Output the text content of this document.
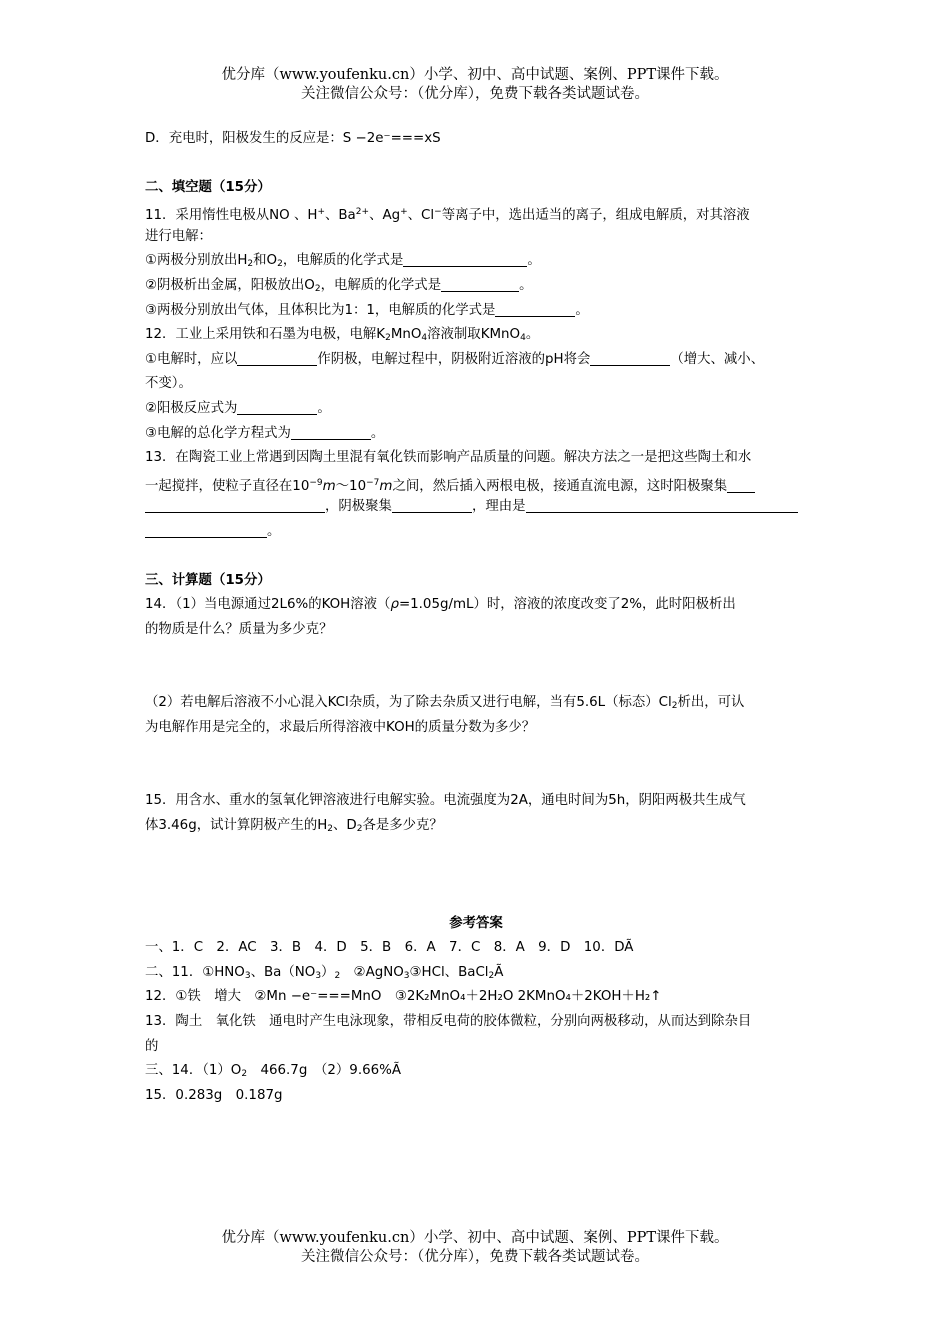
优分库（www.youfenku.cn）小学、初中、高中试题、案例、PPT课件下载。
关注微信公众号：（优分库），免费下载各类试题试卷。
D．充电时，阳极发生的反应是：S −2e⁻===xS
二、填空题（15分）
11．采用惰性电极从NO 、H+、$Ba^{2+}$、Ag+、Cl−等离子中，选出适当的离子，组成电解质，对其溶液
进行电解：
①两极分别放出$H_2$和$O_2$，电解质的化学式是	。
②阴极析出金属，阳极放出$O_2$，电解质的化学式是	。
③两极分别放出气体，且体积比为1：1，电解质的化学式是	。
12．工业上采用铁和石墨为电极，电解$K_2MnO_4$溶液制取KMnO$_4$。
①电解时，应以	作阴极，电解过程中，阴极附近溶液的pH将会	（增大、减小、
不变）。
②阳极反应式为	。
③电解的总化学方程式为	。
13．在陶瓷工业上常遇到因陶土里混有氧化铁而影响产品质量的问题。解决方法之一是把这些陶土和水
一起搅拌，使粒子直径在$10^{-9}m\sim 10^{-7}m$之间，然后插入两根电极，接通直流电源，这时阳极聚集
，阴极聚集	，理由是
。
三、计算题（15分）
14．（1）当电源通过2L6%的KOH溶液（ρ=1.05g/mL）时，溶液的浓度改变了2%，此时阳极析出
的物质是什么？质量为多少克？
（2）若电解后溶液不小心混入KCl杂质，为了除去杂质又进行电解，当有5.6L（标态）$Cl_2$析出，可认
为电解作用是完全的，求最后所得溶液中KOH的质量分数为多少？
15．用含水、重水的氢氧化钾溶液进行电解实验。电流强度为2A，通电时间为5h，阴阳两极共生成气
体3.46g，试计算阴极产生的$H_2$、$D_2$各是多少克？
参考答案
一、1．C　2．AC　3．B　4．D　5．B　6．A　7．C　8．A　9．D　10．DÃ
二、11．$①HNO_3$、$Ba(NO_3)_2$　②AgNO$_3$③HCl、BaCl$_2$Ã
12．①铁　增大　②Mn −e⁻===MnO　③2K₂MnO₄＋2H₂O 2KMnO₄＋2KOH＋H₂↑
13．陶土　氧化铁　通电时产生电泳现象，带相反电荷的胶体微粒，分别向两极移动，从而达到除杂目
的
三、14．$(1)O_2$　466.7g　（2）9.66%Ã
15．0.283g　0.187g
优分库（www.youfenku.cn）小学、初中、高中试题、案例、PPT课件下载。
关注微信公众号：（优分库），免费下载各类试题试卷。
